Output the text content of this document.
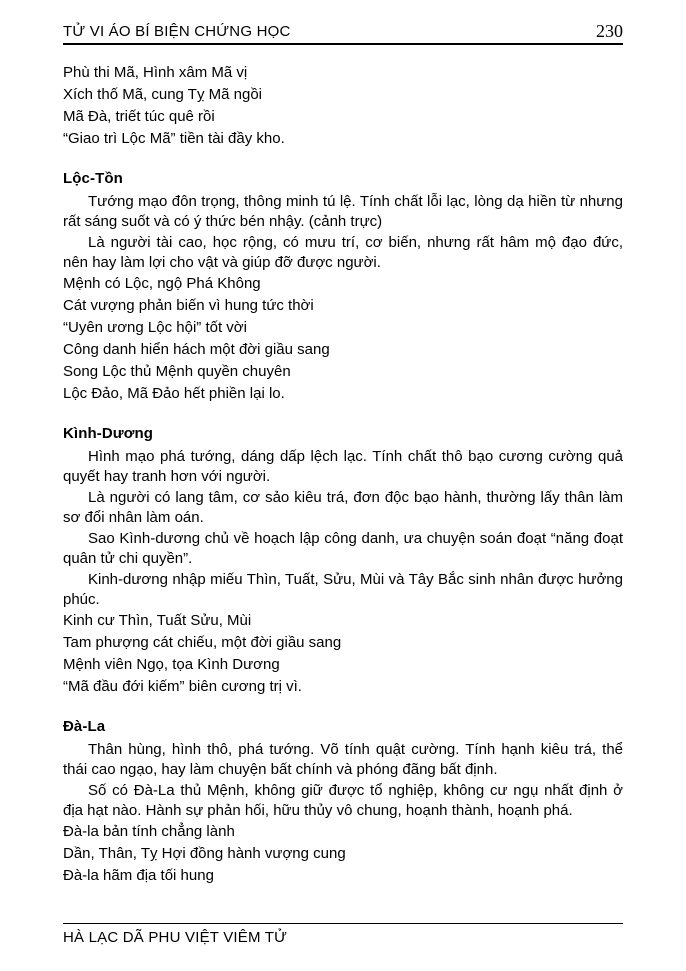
TỬ VI ÁO BÍ BIỆN CHỨNG HỌC	230

Phù thi Mã, Hình xâm Mã vị

Xích thố Mã, cung Tỵ Mã ngồi

Mã Đà, triết túc quê rồi

“Giao trì Lộc Mã” tiền tài đầy kho.

Lộc-Tồn

Tướng mạo đôn trọng, thông minh tú lệ. Tính chất lỗi lạc, lòng dạ hiền từ nhưng rất sáng suốt và có ý thức bén nhậy. (cảnh trực)

Là người tài cao, học rộng, có mưu trí, cơ biến, nhưng rất hâm mộ đạo đức, nên hay làm lợi cho vật và giúp đỡ được người.

Mệnh có Lộc, ngộ Phá Không

Cát vượng phản biến vì hung tức thời

“Uyên ương Lộc hội” tốt vời

Công danh hiển hách một đời giầu sang

Song Lộc thủ Mệnh quyền chuyên

Lộc Đảo, Mã Đảo hết phiền lại lo.

Kình-Dương

Hình mạo phá tướng, dáng dấp lệch lạc. Tính chất thô bạo cương cường quả quyết hay tranh hơn với người.

Là người có lang tâm, cơ sảo kiêu trá, đơn độc bạo hành, thường lấy thân làm sơ đổi nhân làm oán.

Sao Kình-dương chủ về hoạch lập công danh, ưa chuyện soán đoạt “năng đoạt quân tử chi quyền”.

Kinh-dương nhập miếu Thìn, Tuất, Sửu, Mùi và Tây Bắc sinh nhân được hưởng phúc.

Kinh cư Thìn, Tuất Sửu, Mùi

Tam phượng cát chiếu, một đời giầu sang

Mệnh viên Ngọ, tọa Kình Dương

“Mã đầu đới kiếm” biên cương trị vì.

Đà-La

Thân hùng, hình thô, phá tướng. Võ tính quật cường. Tính hạnh kiêu trá, thể thái cao ngạo, hay làm chuyện bất chính và phóng đãng bất định.

Số có Đà-La thủ Mệnh, không giữ được tổ nghiệp, không cư ngụ nhất định ở địa hạt nào. Hành sự phản hối, hữu thủy vô chung, hoạnh thành, hoạnh phá.

Đà-la bản tính chẳng lành

Dần, Thân, Tỵ Hợi đồng hành vượng cung

Đà-la hãm địa tối hung

HÀ LẠC DÃ PHU VIỆT VIÊM TỬ
